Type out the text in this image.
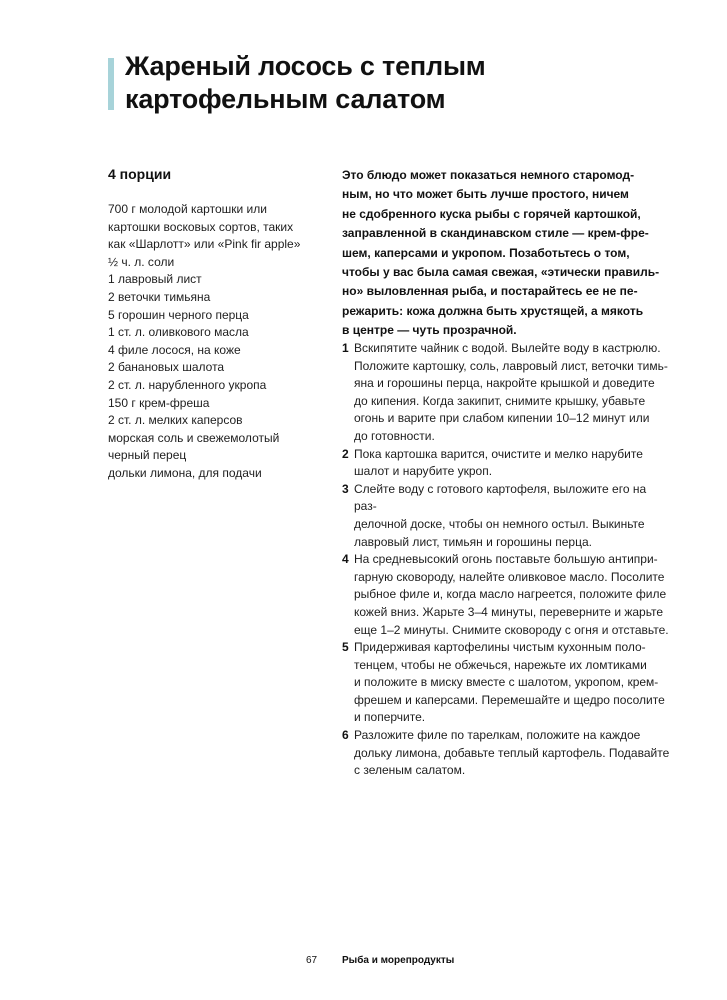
Жареный лосось с теплым
картофельным салатом
4 порции
700 г молодой картошки или
картошки восковых сортов, таких
как «Шарлотт» или «Pink fir apple»
½ ч. л. соли
1 лавровый лист
2 веточки тимьяна
5 горошин черного перца
1 ст. л. оливкового масла
4 филе лосося, на коже
2 банановых шалота
2 ст. л. нарубленного укропа
150 г крем-фреша
2 ст. л. мелких каперсов
морская соль и свежемолотый
черный перец
дольки лимона, для подачи

Это блюдо может показаться немного старомод-
ным, но что может быть лучше простого, ничем
не сдобренного куска рыбы с горячей картошкой,
заправленной в скандинавском стиле — крем-фре-
шем, каперсами и укропом. Позаботьтесь о том,
чтобы у вас была самая свежая, «этически правиль-
но» выловленная рыба, и постарайтесь ее не пе-
режарить: кожа должна быть хрустящей, а мякоть
в центре — чуть прозрачной.

1 Вскипятите чайник с водой. Вылейте воду в кастрюлю.
Положите картошку, соль, лавровый лист, веточки тимь-
яна и горошины перца, накройте крышкой и доведите
до кипения. Когда закипит, снимите крышку, убавьте
огонь и варите при слабом кипении 10–12 минут или
до готовности.
2 Пока картошка варится, очистите и мелко нарубите
шалот и нарубите укроп.
3 Слейте воду с готового картофеля, выложите его на раз-
делочной доске, чтобы он немного остыл. Выкиньте
лавровый лист, тимьян и горошины перца.
4 На средневысокий огонь поставьте большую антипри-
гарную сковороду, налейте оливковое масло. Посолите
рыбное филе и, когда масло нагреется, положите филе
кожей вниз. Жарьте 3–4 минуты, переверните и жарьте
еще 1–2 минуты. Снимите сковороду с огня и отставьте.
5 Придерживая картофелины чистым кухонным поло-
тенцем, чтобы не обжечься, нарежьте их ломтиками
и положите в миску вместе с шалотом, укропом, крем-
фрешем и каперсами. Перемешайте и щедро посолите
и поперчите.
6 Разложите филе по тарелкам, положите на каждое
дольку лимона, добавьте теплый картофель. Подавайте
с зеленым салатом.
67 Рыба и морепродукты
